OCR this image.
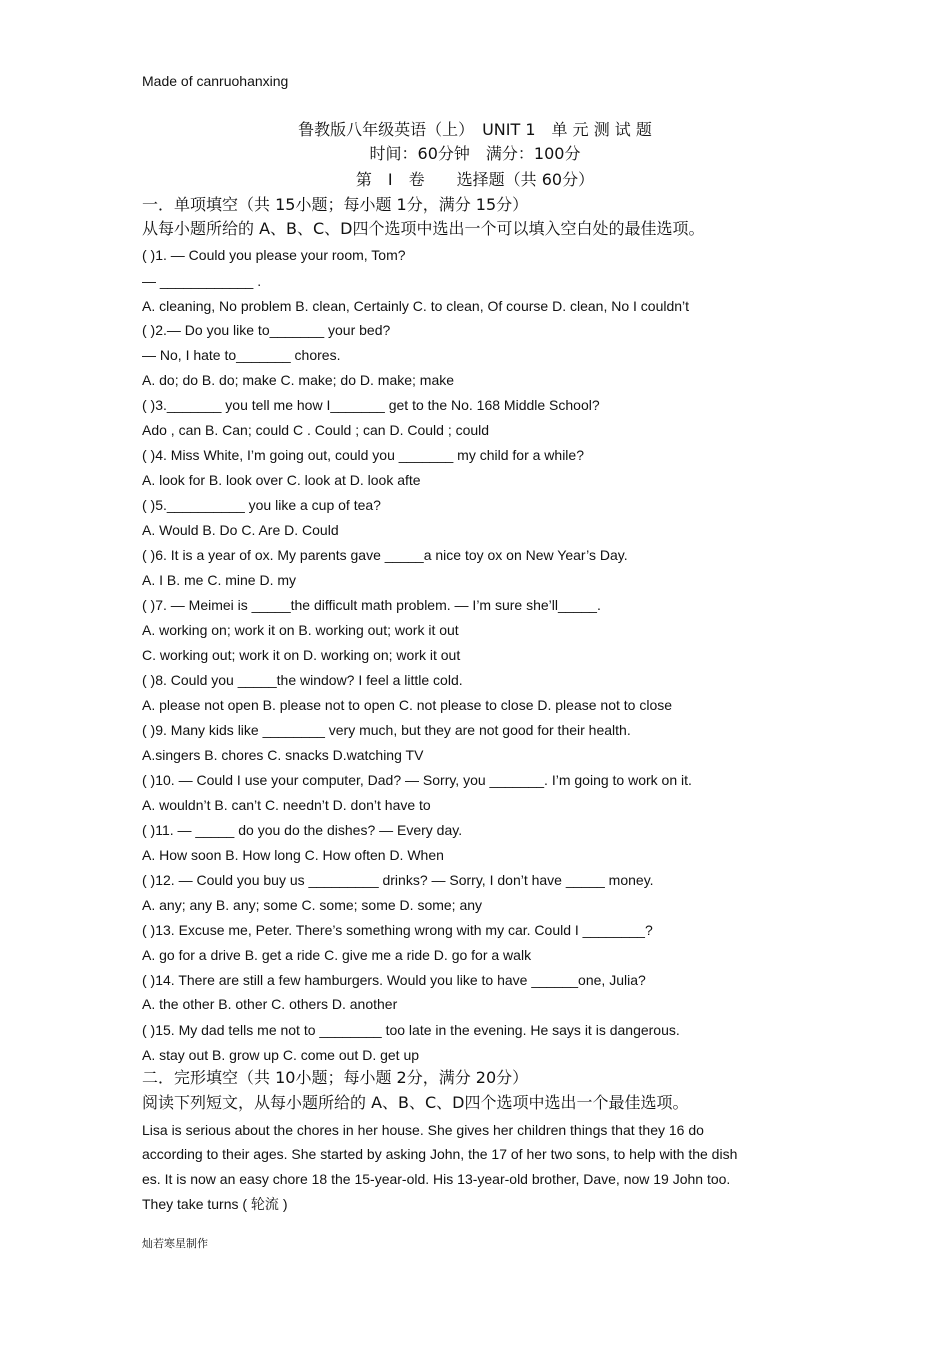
Made of canruohanxing
鲁教版八年级英语（上）　UNIT 1　单 元 测 试 题
时间：60分钟　满分：100分
第　I　卷　　选择题（共 60分）
一．单项填空（共 15小题；每小题 1分，满分 15分）
从每小题所给的 A、B、C、D四个选项中选出一个可以填入空白处的最佳选项。
( )1. — Could you please your room, Tom?
— ____________ .
A. cleaning, No problem B. clean, Certainly C. to clean, Of course D. clean, No I couldn’t
( )2.— Do you like to_______ your bed?
— No, I hate to_______ chores.
A. do; do B. do; make C. make; do D. make; make
( )3._______ you tell me how I_______ get to the No. 168 Middle School?
Ado , can B. Can; could C . Could ; can D. Could ; could
( )4. Miss White, I’m going out, could you _______ my child for a while?
A. look for B. look over C. look at D. look afte
( )5.__________ you like a cup of tea?
A. Would B. Do C. Are D. Could
( )6. It is a year of ox. My parents gave _____a nice toy ox on New Year’s Day.
A. I B. me C. mine D. my
( )7. — Meimei is _____the difficult math problem. — I’m sure she’ll_____.
A. working on; work it on B. working out; work it out
C. working out; work it on D. working on; work it out
( )8. Could you _____the window? I feel a little cold.
A. please not open B. please not to open C. not please to close D. please not to close
( )9. Many kids like ________ very much, but they are not good for their health.
A.singers B. chores C. snacks D.watching TV
( )10. — Could I use your computer, Dad? — Sorry, you _______. I’m going to work on it.
A. wouldn’t B. can’t C. needn’t D. don’t have to
( )11. — _____ do you do the dishes? — Every day.
A. How soon B. How long C. How often D. When
( )12. — Could you buy us _________ drinks? — Sorry, I don’t have _____ money.
A. any; any B. any; some C. some; some D. some; any
( )13. Excuse me, Peter. There’s something wrong with my car. Could I ________?
A. go for a drive B. get a ride C. give me a ride D. go for a walk
( )14. There are still a few hamburgers. Would you like to have ______one, Julia?
A. the other B. other C. others D. another
( )15. My dad tells me not to ________ too late in the evening. He says it is dangerous.
A. stay out B. grow up C. come out D. get up
二．完形填空（共 10小题；每小题 2分，满分 20分）
阅读下列短文，从每小题所给的 A、B、C、D四个选项中选出一个最佳选项。
Lisa is serious about the chores in her house. She gives her children things that they 16 do
according to their ages. She started by asking John, the 17 of her two sons, to help with the dish
es. It is now an easy chore 18 the 15-year-old. His 13-year-old brother, Dave, now 19 John too.
They take turns ( 轮流 )
灿若寒星制作
